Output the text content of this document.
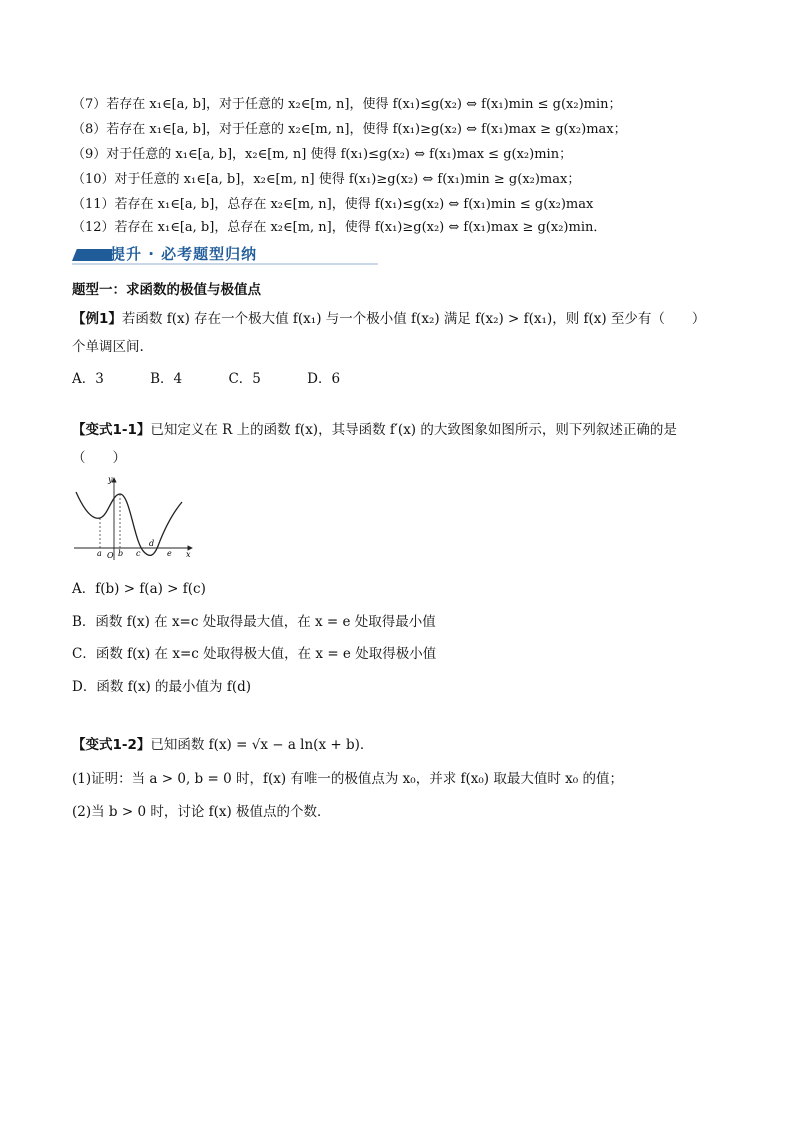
（7）若存在 x₁∈[a, b]，对于任意的 x₂∈[m, n]，使得 f(x₁)≤g(x₂) ⇔ f(x₁)min ≤ g(x₂)min；
（8）若存在 x₁∈[a, b]，对于任意的 x₂∈[m, n]，使得 f(x₁)≥g(x₂) ⇔ f(x₁)max ≥ g(x₂)max；
（9）对于任意的 x₁∈[a, b]，x₂∈[m, n] 使得 f(x₁)≤g(x₂) ⇔ f(x₁)max ≤ g(x₂)min；
（10）对于任意的 x₁∈[a, b]，x₂∈[m, n] 使得 f(x₁)≥g(x₂) ⇔ f(x₁)min ≥ g(x₂)max；
（11）若存在 x₁∈[a, b]，总存在 x₂∈[m, n]，使得 f(x₁)≤g(x₂) ⇔ f(x₁)min ≤ g(x₂)max
（12）若存在 x₁∈[a, b]，总存在 x₂∈[m, n]，使得 f(x₁)≥g(x₂) ⇔ f(x₁)max ≥ g(x₂)min．
提升 · 必考题型归纳
题型一：求函数的极值与极值点
【例1】若函数 f(x) 存在一个极大值 f(x₁) 与一个极小值 f(x₂) 满足 f(x₂) > f(x₁)，则 f(x) 至少有（　　）
个单调区间.
A．3	B．4	C．5	D．6
【变式1-1】已知定义在 R 上的函数 f(x)，其导函数 f′(x) 的大致图象如图所示，则下列叙述正确的是
（　　）
y
x
O
a b c
d
e
A．f(b) > f(a) > f(c)
B．函数 f(x) 在 x=c 处取得最大值，在 x = e 处取得最小值
C．函数 f(x) 在 x=c 处取得极大值，在 x = e 处取得极小值
D．函数 f(x) 的最小值为 f(d)
【变式1-2】已知函数 f(x) = √x − a ln(x + b)．
(1)证明：当 a > 0, b = 0 时，f(x) 有唯一的极值点为 x₀，并求 f(x₀) 取最大值时 x₀ 的值；
(2)当 b > 0 时，讨论 f(x) 极值点的个数．
